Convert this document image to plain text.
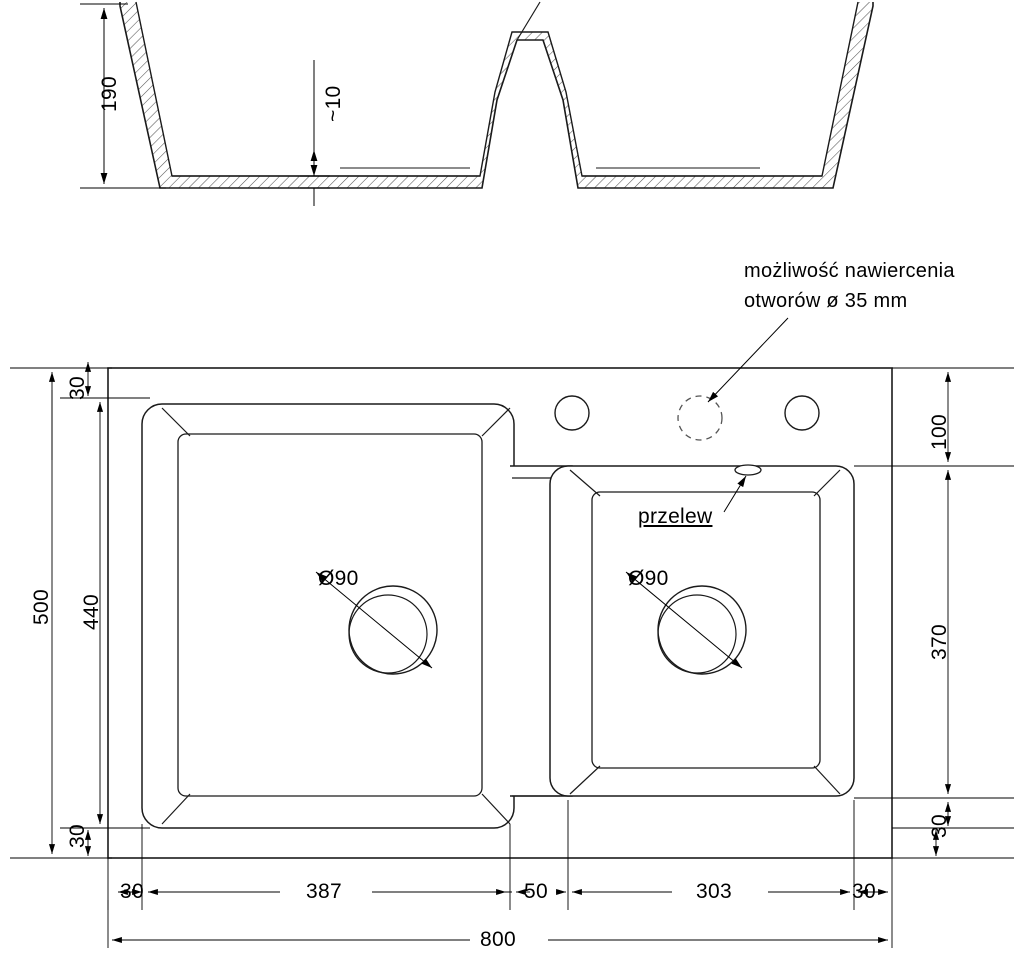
190	~10
możliwość nawiercenia
otworów ø 35 mm
Ø90	Ø90
przelew
500 440
30
30
100
370
30
30	387	50	303	30
800
